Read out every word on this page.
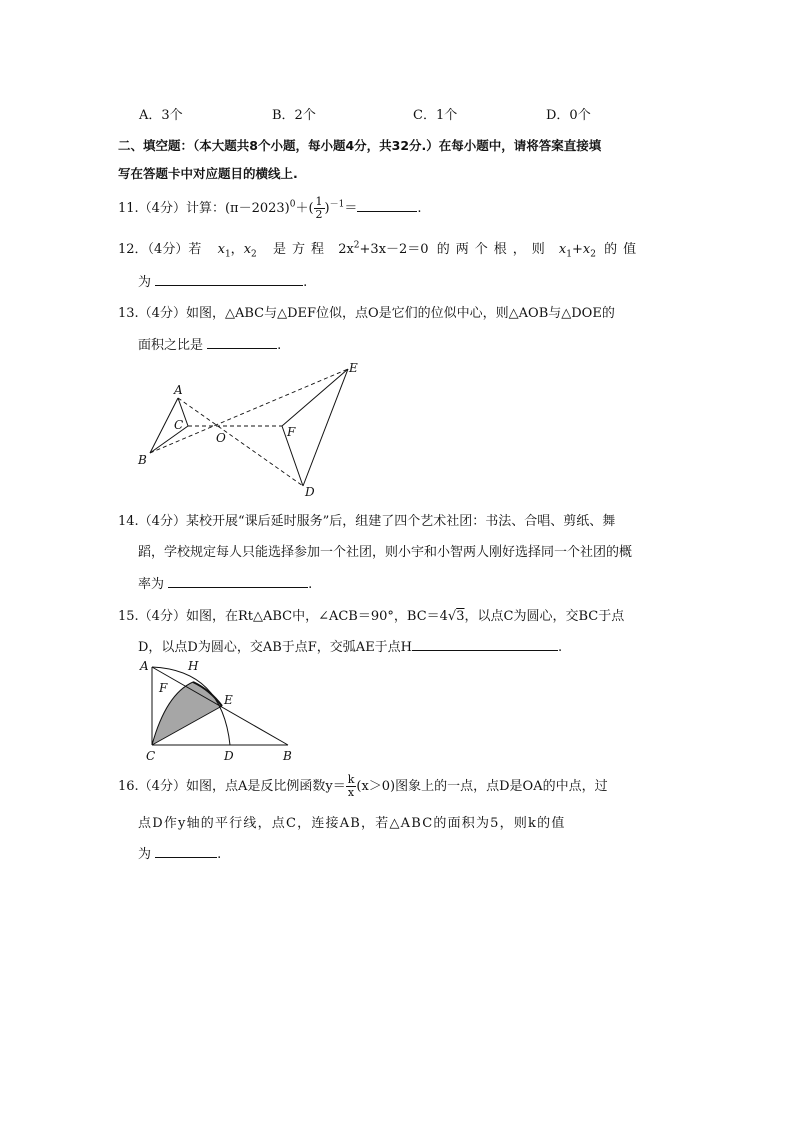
A．3个	B．2个	C．1个	D．0个
二、填空题：（本大题共8个小题，每小题4分，共32分.）在每小题中，请将答案直接填
写在答题卡中对应题目的横线上.
11.（4分）计算：$(\pi-2023)^0+( \frac{1}{2} )^{-1}=$	.
12．（4分）若 $x_1$，$x_2$ 是方程 $2x^2+3x-2=0$ 的两个根，则 $x_1+x_2$ 的值
为	.
13.（4分）如图，△ABC与△DEF位似，点O是它们的位似中心，则△AOB与△DOE的
面积之比是	.
A
B
C
O
E
F
D
14.（4分）某校开展“课后延时服务”后，组建了四个艺术社团：书法、合唱、剪纸、舞
蹈，学校规定每人只能选择参加一个社团，则小宇和小智两人刚好选择同一个社团的概
率为	.
15.（4分）如图，在Rt△ABC中，∠ACB＝90°，BC＝4√3，以点C为圆心，交BC于点
D，以点D为圆心，交AB于点F，交弧AE于点H	.
A	H
F
E
C	D	B
16.（4分）如图，点A是反比例函数$y= \frac{k}{x} (x>0)$图象上的一点，点D是OA的中点，过
点D作y轴的平行线，点C，连接AB，若△ABC的面积为5，则k的值
为	.
